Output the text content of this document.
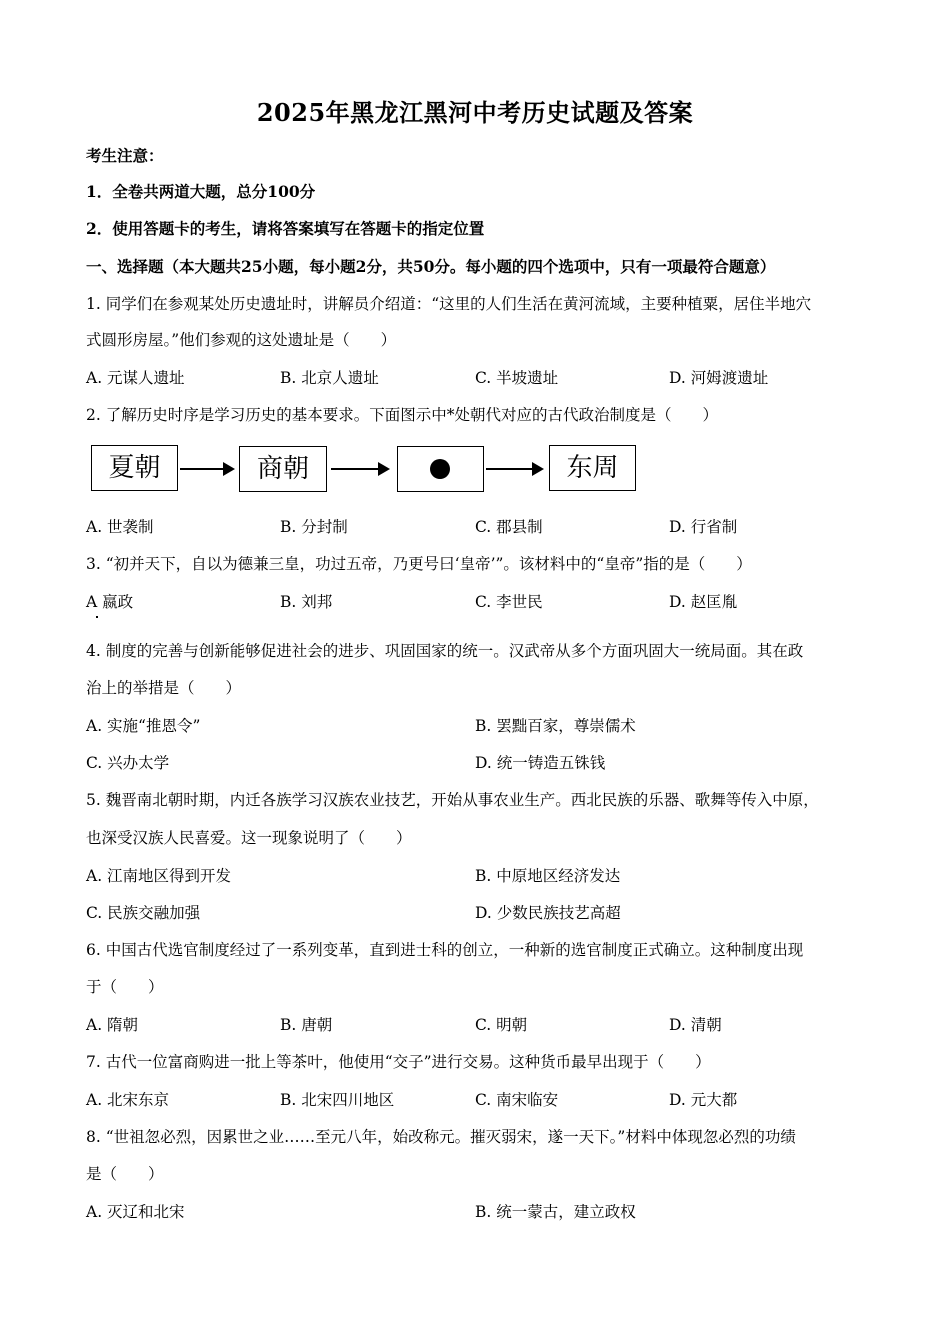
2025年黑龙江黑河中考历史试题及答案
考生注意：
1．全卷共两道大题，总分100分
2．使用答题卡的考生，请将答案填写在答题卡的指定位置
一、选择题（本大题共25小题，每小题2分，共50分。每小题的四个选项中，只有一项最符合题意）
1. 同学们在参观某处历史遗址时，讲解员介绍道：“这里的人们生活在黄河流域，主要种植粟，居住半地穴
式圆形房屋。”他们参观的这处遗址是（　　）
A. 元谋人遗址	B. 北京人遗址	C. 半坡遗址	D. 河姆渡遗址
2. 了解历史时序是学习历史的基本要求。下面图示中*处朝代对应的古代政治制度是（　　）
夏朝	商朝	东周
A. 世袭制	B. 分封制	C. 郡县制	D. 行省制
3. “初并天下，自以为德兼三皇，功过五帝，乃更号曰‘皇帝’”。该材料中的“皇帝”指的是（　　）
A 嬴政	B. 刘邦	C. 李世民	D. 赵匡胤
4. 制度的完善与创新能够促进社会的进步、巩固国家的统一。汉武帝从多个方面巩固大一统局面。其在政
治上的举措是（　　）
A. 实施“推恩令”	B. 罢黜百家，尊崇儒术
C. 兴办太学	D. 统一铸造五铢钱
5. 魏晋南北朝时期，内迁各族学习汉族农业技艺，开始从事农业生产。西北民族的乐器、歌舞等传入中原，
也深受汉族人民喜爱。这一现象说明了（　　）
A. 江南地区得到开发	B. 中原地区经济发达
C. 民族交融加强	D. 少数民族技艺高超
6. 中国古代选官制度经过了一系列变革，直到进士科的创立，一种新的选官制度正式确立。这种制度出现
于（　　）
A. 隋朝	B. 唐朝	C. 明朝	D. 清朝
7. 古代一位富商购进一批上等茶叶，他使用“交子”进行交易。这种货币最早出现于（　　）
A. 北宋东京	B. 北宋四川地区	C. 南宋临安	D. 元大都
8. “世祖忽必烈，因累世之业……至元八年，始改称元。摧灭弱宋，遂一天下。”材料中体现忽必烈的功绩
是（　　）
A. 灭辽和北宋	B. 统一蒙古，建立政权
